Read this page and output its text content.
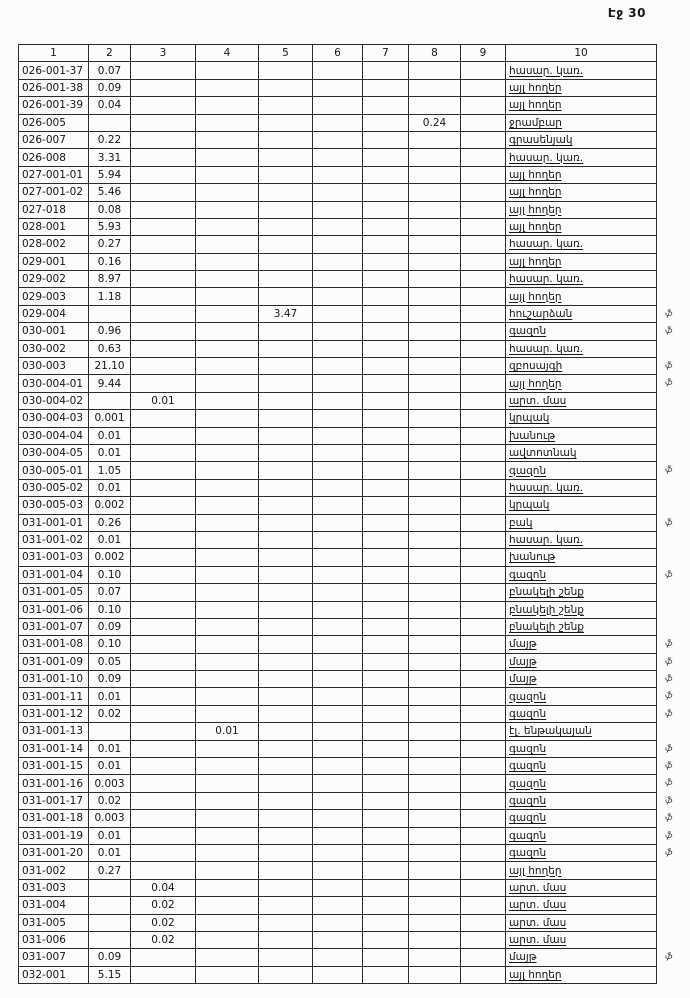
Էջ 30
1	2	3	4	5	6	7	8	9	10
026-001-37	0.07								հասար. կառ.
026-001-38	0.09								այլ հողեր
026-001-39	0.04								այլ հողեր
026-005							0.24		ջրամբար
026-007	0.22								գրասենյակ
026-008	3.31								հասար. կառ.
027-001-01	5.94								այլ հողեր
027-001-02	5.46								այլ հողեր
027-018	0.08								այլ հողեր
028-001	5.93								այլ հողեր
028-002	0.27								հասար. կառ.
029-001	0.16								այլ հողեր
029-002	8.97								հասար. կառ.
029-003	1.18								այլ հողեր
029-004				3.47					հուշարձան ֆ

030-001	0.96								գազոն ֆ

030-002	0.63								հասար. կառ.
030-003	21.10								զբոսայգի ֆ

030-004-01	9.44								այլ հողեր ֆ

030-004-02		0.01							արտ. մաս
030-004-03	0.001								կրպակ
030-004-04	0.01								խանութ
030-004-05	0.01								ավտոտնակ
030-005-01	1.05								գազոն ֆ

030-005-02	0.01								հասար. կառ.
030-005-03	0.002								կրպակ
031-001-01	0.26								բակ ֆ

031-001-02	0.01								հասար. կառ.
031-001-03	0.002								խանութ
031-001-04	0.10								գազոն ֆ

031-001-05	0.07								բնակելի շենք
031-001-06	0.10								բնակելի շենք
031-001-07	0.09								բնակելի շենք
031-001-08	0.10								մայթ ֆ

031-001-09	0.05								մայթ ֆ

031-001-10	0.09								մայթ ֆ

031-001-11	0.01								գազոն ֆ

031-001-12	0.02								գազոն ֆ

031-001-13			0.01						էլ. ենթակայան
031-001-14	0.01								գազոն ֆ

031-001-15	0.01								գազոն ֆ

031-001-16	0.003								գազոն ֆ

031-001-17	0.02								գազոն ֆ

031-001-18	0.003								գազոն ֆ

031-001-19	0.01								գազոն ֆ

031-001-20	0.01								գազոն ֆ

031-002	0.27								այլ հողեր
031-003		0.04							արտ. մաս
031-004		0.02							արտ. մաս
031-005		0.02							արտ. մաս
031-006		0.02							արտ. մաս
031-007	0.09								մայթ ֆ

032-001	5.15								այլ հողեր
